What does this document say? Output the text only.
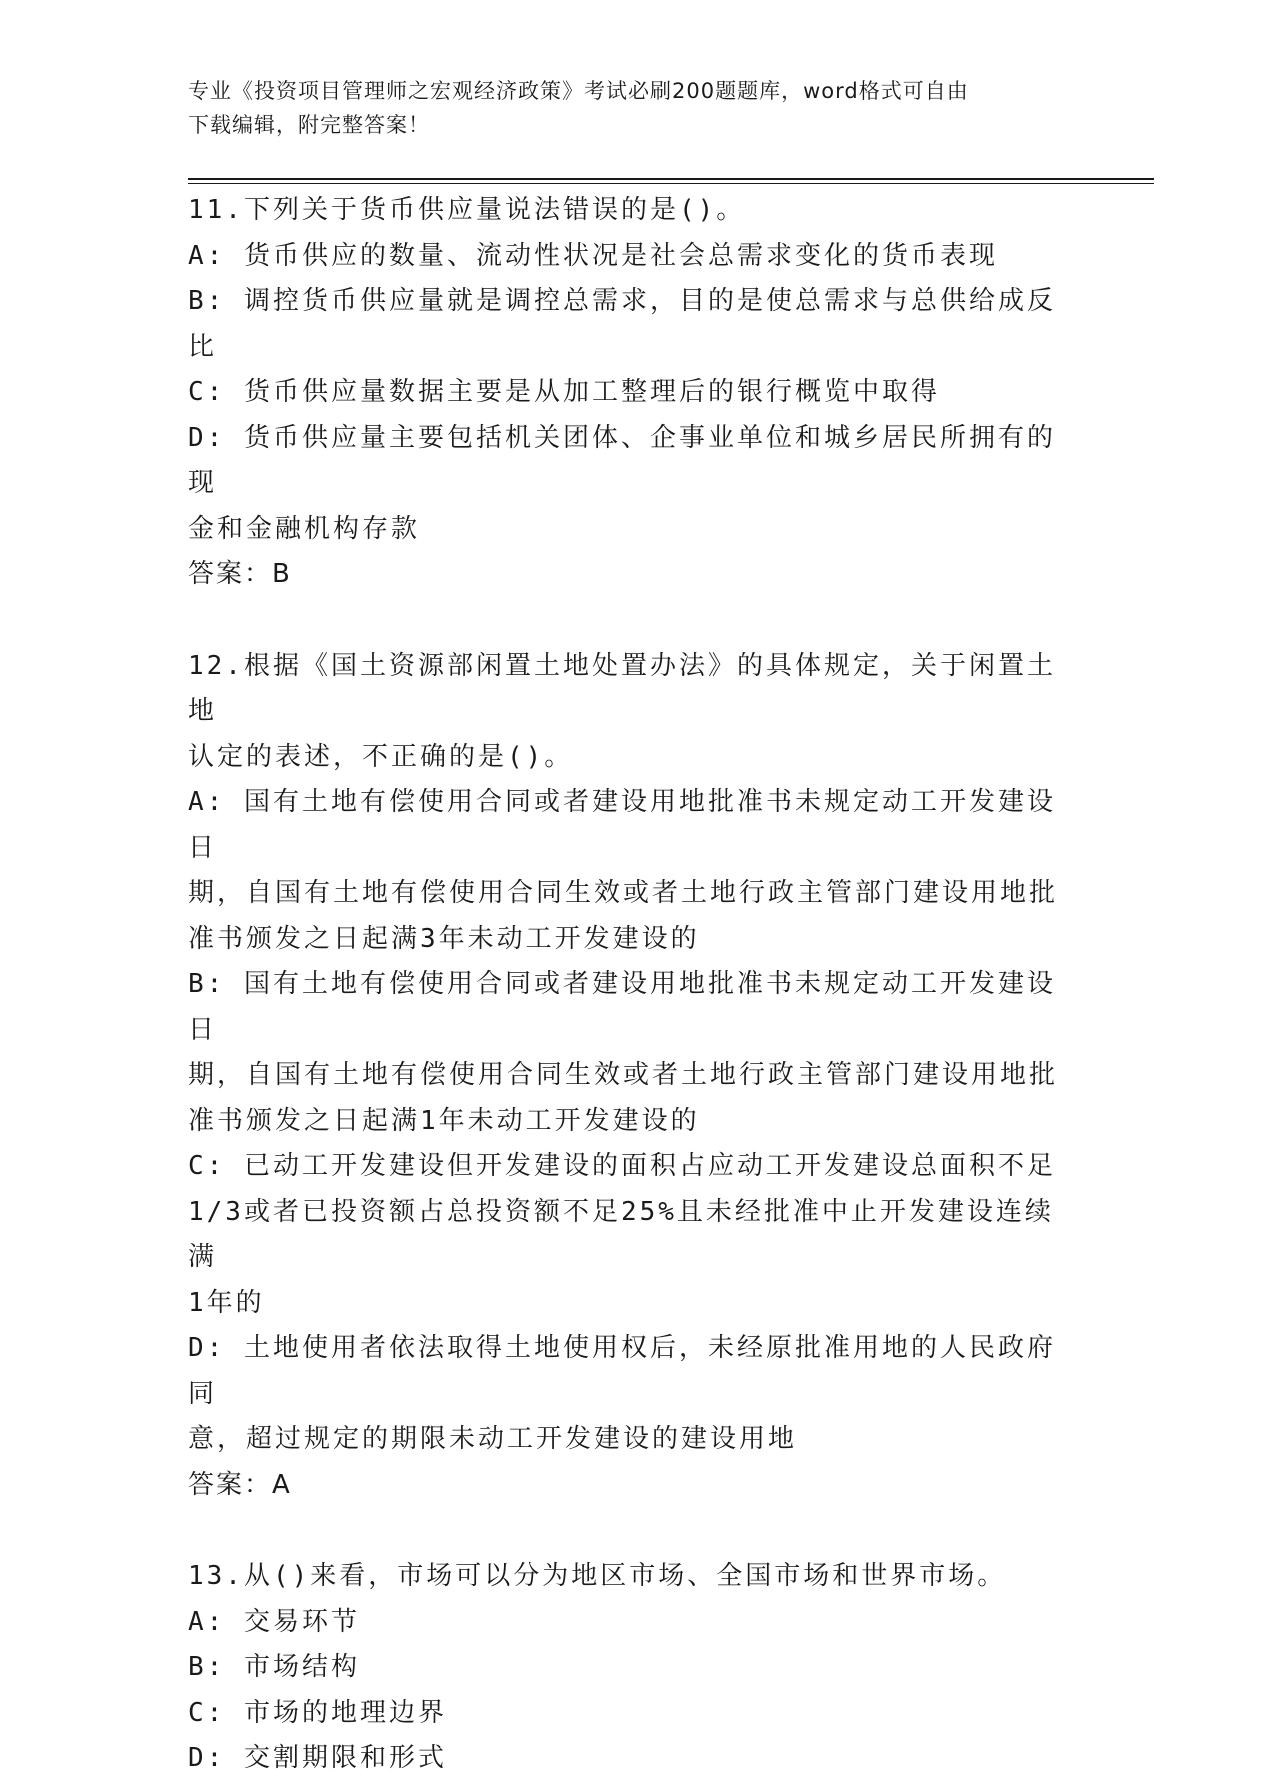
专业《投资项目管理师之宏观经济政策》考试必刷200题题库，word格式可自由
下载编辑，附完整答案！
11.下列关于货币供应量说法错误的是()。
A: 货币供应的数量、流动性状况是社会总需求变化的货币表现
B: 调控货币供应量就是调控总需求，目的是使总需求与总供给成反比
C: 货币供应量数据主要是从加工整理后的银行概览中取得
D: 货币供应量主要包括机关团体、企事业单位和城乡居民所拥有的现
金和金融机构存款
答案：B
12.根据《国土资源部闲置土地处置办法》的具体规定，关于闲置土地
认定的表述，不正确的是()。
A: 国有土地有偿使用合同或者建设用地批准书未规定动工开发建设日
期，自国有土地有偿使用合同生效或者土地行政主管部门建设用地批
准书颁发之日起满3年未动工开发建设的
B: 国有土地有偿使用合同或者建设用地批准书未规定动工开发建设日
期，自国有土地有偿使用合同生效或者土地行政主管部门建设用地批
准书颁发之日起满1年未动工开发建设的
C: 已动工开发建设但开发建设的面积占应动工开发建设总面积不足
1/3或者已投资额占总投资额不足25%且未经批准中止开发建设连续满
1年的
D: 土地使用者依法取得土地使用权后，未经原批准用地的人民政府同
意，超过规定的期限未动工开发建设的建设用地
答案：A
13.从()来看，市场可以分为地区市场、全国市场和世界市场。
A: 交易环节
B: 市场结构
C: 市场的地理边界
D: 交割期限和形式
